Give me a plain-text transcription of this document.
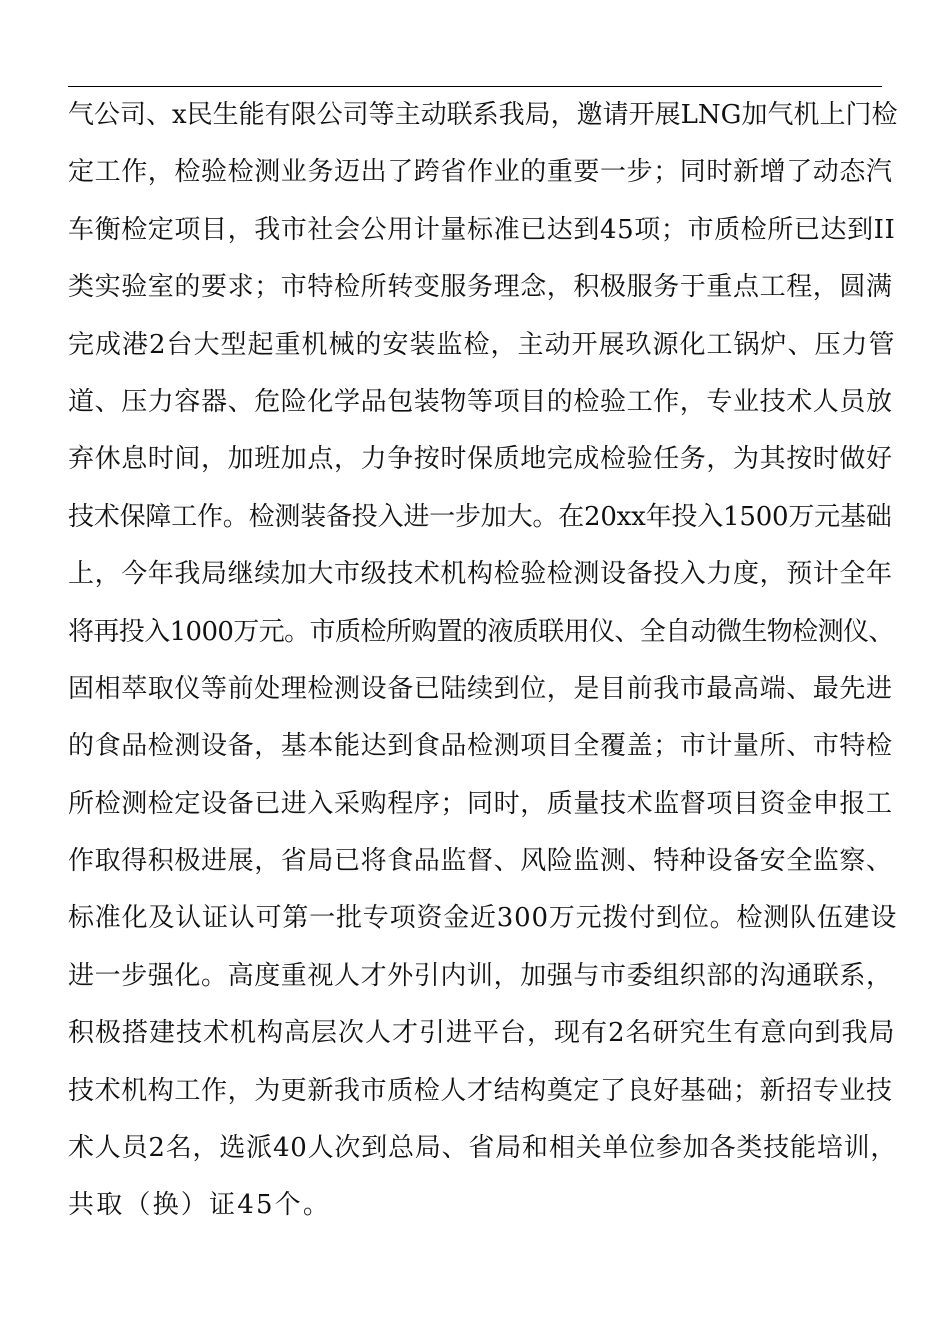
气公司、x民生能有限公司等主动联系我局，邀请开展LNG加气机上门检
定工作，检验检测业务迈出了跨省作业的重要一步；同时新增了动态汽
车衡检定项目，我市社会公用计量标准已达到45项；市质检所已达到II
类实验室的要求；市特检所转变服务理念，积极服务于重点工程，圆满
完成港2台大型起重机械的安装监检，主动开展玖源化工锅炉、压力管
道、压力容器、危险化学品包装物等项目的检验工作，专业技术人员放
弃休息时间，加班加点，力争按时保质地完成检验任务，为其按时做好
技术保障工作。检测装备投入进一步加大。在20xx年投入1500万元基础
上，今年我局继续加大市级技术机构检验检测设备投入力度，预计全年
将再投入1000万元。市质检所购置的液质联用仪、全自动微生物检测仪、
固相萃取仪等前处理检测设备已陆续到位，是目前我市最高端、最先进
的食品检测设备，基本能达到食品检测项目全覆盖；市计量所、市特检
所检测检定设备已进入采购程序；同时，质量技术监督项目资金申报工
作取得积极进展，省局已将食品监督、风险监测、特种设备安全监察、
标准化及认证认可第一批专项资金近300万元拨付到位。检测队伍建设
进一步强化。高度重视人才外引内训，加强与市委组织部的沟通联系，
积极搭建技术机构高层次人才引进平台，现有2名研究生有意向到我局
技术机构工作，为更新我市质检人才结构奠定了良好基础；新招专业技
术人员2名，选派40人次到总局、省局和相关单位参加各类技能培训，
共取（换）证45个。
